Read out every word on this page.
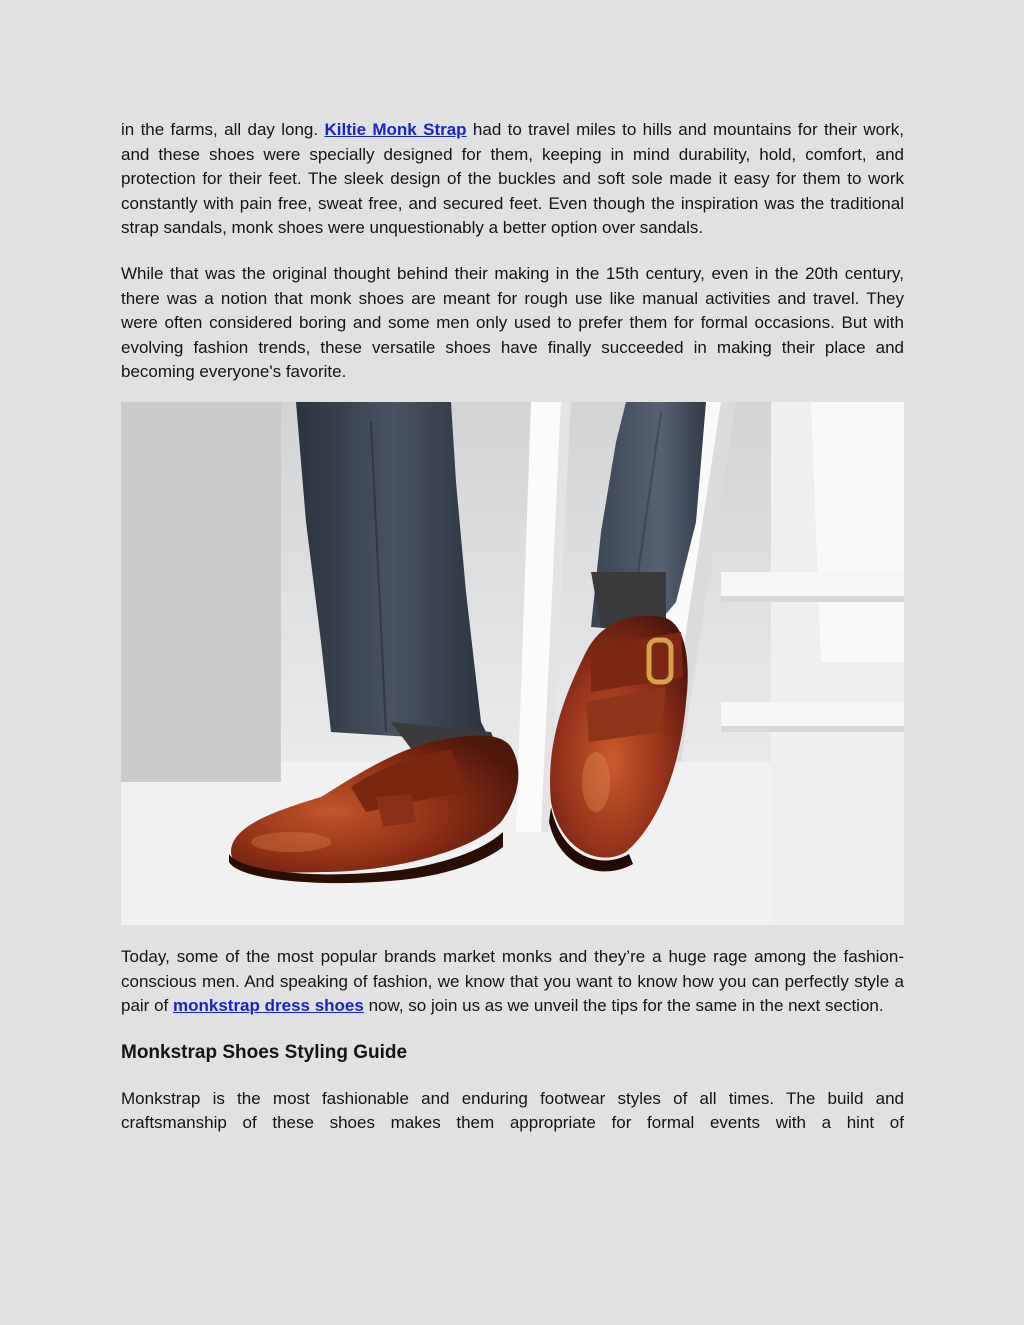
in the farms, all day long. Kiltie Monk Strap had to travel miles to hills and mountains for their work, and these shoes were specially designed for them, keeping in mind durability, hold, comfort, and protection for their feet. The sleek design of the buckles and soft sole made it easy for them to work constantly with pain free, sweat free, and secured feet. Even though the inspiration was the traditional strap sandals, monk shoes were unquestionably a better option over sandals.

While that was the original thought behind their making in the 15th century, even in the 20th century, there was a notion that monk shoes are meant for rough use like manual activities and travel. They were often considered boring and some men only used to prefer them for formal occasions. But with evolving fashion trends, these versatile shoes have finally succeeded in making their place and becoming everyone's favorite.

Today, some of the most popular brands market monks and they’re a huge rage among the fashion-conscious men. And speaking of fashion, we know that you want to know how you can perfectly style a pair of monkstrap dress shoes now, so join us as we unveil the tips for the same in the next section.

Monkstrap Shoes Styling Guide

Monkstrap is the most fashionable and enduring footwear styles of all times. The build and craftsmanship of these shoes makes them appropriate for formal events with a hint of
